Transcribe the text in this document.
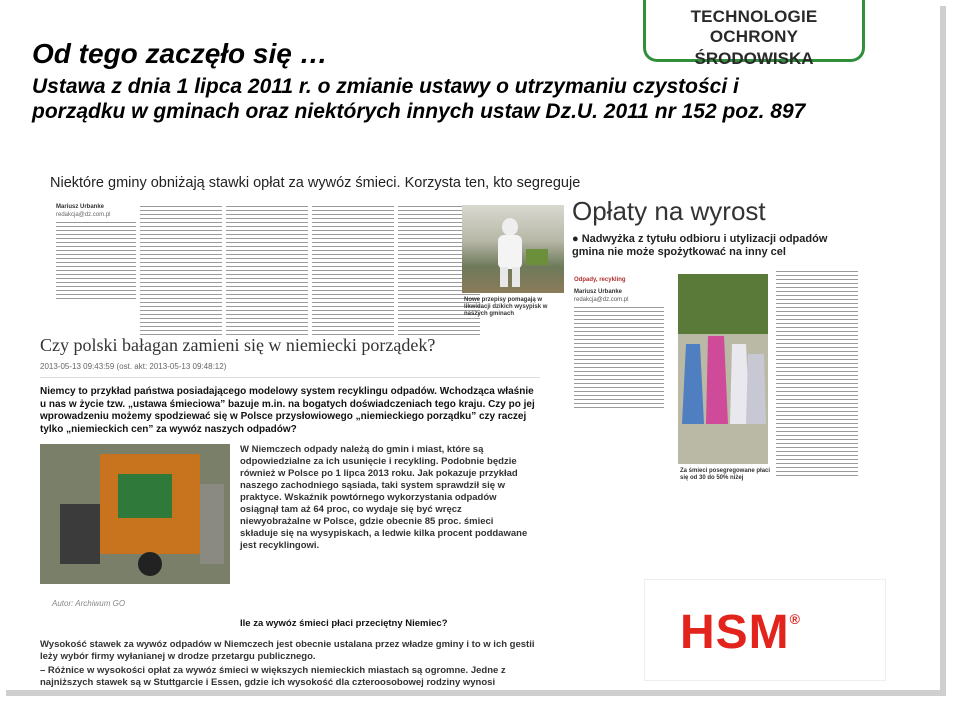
TECHNOLOGIE OCHRONY
ŚRODOWISKA
Od tego zaczęło się …
Ustawa z dnia 1 lipca 2011 r. o zmianie ustawy o utrzymaniu czystości i porządku w gminach oraz niektórych innych ustaw Dz.U. 2011 nr 152 poz. 897
Niektóre gminy obniżają stawki opłat za wywóz śmieci. Korzysta ten, kto segreguje
Mariusz Urbanke
redakcja@dz.com.pl
Nowe przepisy pomagają w likwidacji dzikich wysypisk w naszych gminach
Opłaty na wyrost
● Nadwyżka z tytułu odbioru i utylizacji odpadów gmina nie może spożytkować na inny cel
Odpady, recykling
Mariusz Urbanke
redakcja@dz.com.pl
Za śmieci posegregowane płaci się od 30 do 50% niżej
Czy polski bałagan zamieni się w niemiecki porządek?
2013-05-13 09:43:59 (ost. akt: 2013-05-13 09:48:12)
Niemcy to przykład państwa posiadającego modelowy system recyklingu odpadów. Wchodząca właśnie u nas w życie tzw. „ustawa śmieciowa” bazuje m.in. na bogatych doświadczeniach tego kraju. Czy po jej wprowadzeniu możemy spodziewać się w Polsce przysłowiowego „niemieckiego porządku” czy raczej tylko „niemieckich cen” za wywóz naszych odpadów?
Autor: Archiwum GO
W Niemczech odpady należą do gmin i miast, które są odpowiedzialne za ich usunięcie i recykling. Podobnie będzie również w Polsce po 1 lipca 2013 roku. Jak pokazuje przykład naszego zachodniego sąsiada, taki system sprawdził się w praktyce. Wskaźnik powtórnego wykorzystania odpadów osiągnął tam aż 64 proc, co wydaje się być wręcz niewyobrażalne w Polsce, gdzie obecnie 85 proc. śmieci składuje się na wysypiskach, a ledwie kilka procent poddawane jest recyklingowi.
Ile za wywóz śmieci płaci przeciętny Niemiec?
Wysokość stawek za wywóz odpadów w Niemczech jest obecnie ustalana przez władze gminy i to w ich gestii leży wybór firmy wyłanianej w drodze przetargu publicznego.
– Różnice w wysokości opłat za wywóz śmieci w większych niemieckich miastach są ogromne. Jedne z najniższych stawek są w Stuttgarcie i Essen, gdzie ich wysokość dla czteroosobowej rodziny wynosi
HSM®
